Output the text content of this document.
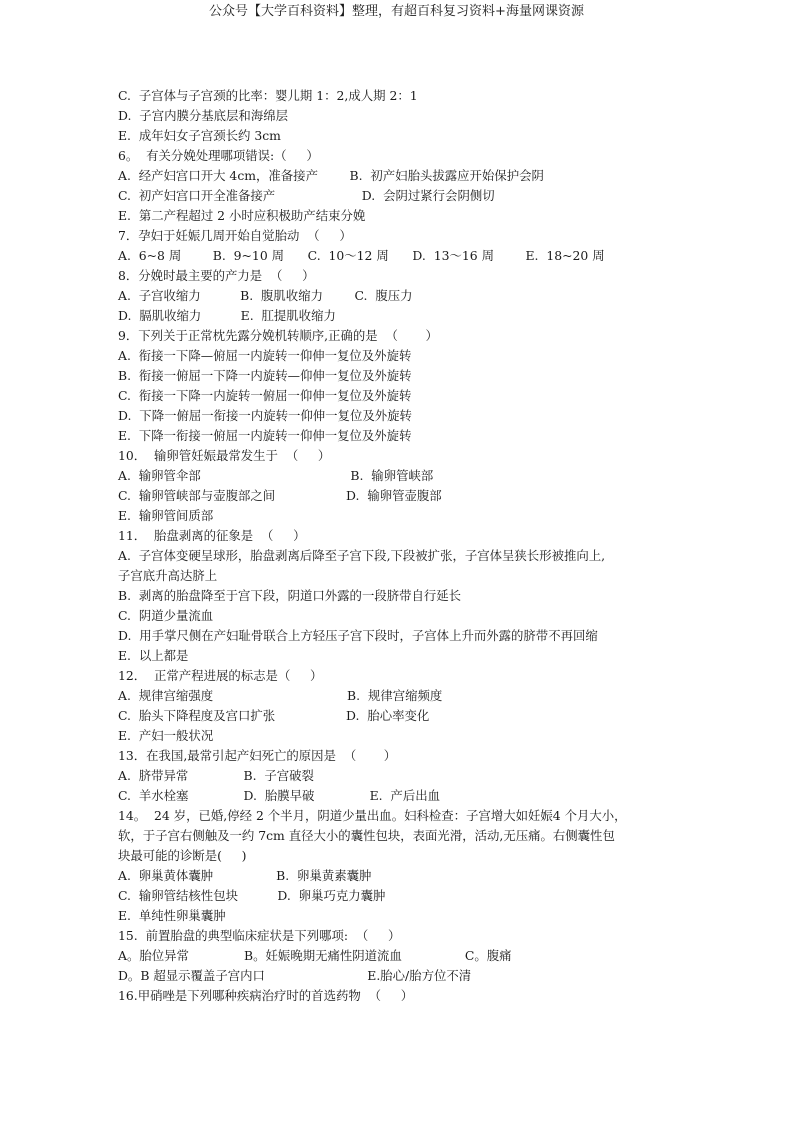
公众号【大学百科资料】整理，有超百科复习资料+海量网课资源
C.  子宫体与子宫颈的比率：婴儿期 1：2,成人期 2：1
D.  子宫内膜分基底层和海绵层
E.  成年妇女子宫颈长约 3cm
6。  有关分娩处理哪项错误:（     ）
A.  经产妇宫口开大 4cm，准备接产        B.  初产妇胎头拔露应开始保护会阴
C.  初产妇宫口开全准备接产                      D.  会阴过紧行会阴侧切
E.  第二产程超过 2 小时应积极助产结束分娩
7．孕妇于妊娠几周开始自觉胎动  （     ）
A.  6~8 周        B.  9~10 周      C.  10～12 周      D.  13～16 周        E.  18~20 周
8．分娩时最主要的产力是  （     ）
A.  子宫收缩力          B.  腹肌收缩力        C.  腹压力
D.  膈肌收缩力          E.  肛提肌收缩力
9．下列关于正常枕先露分娩机转顺序,正确的是  （       ）
A.  衔接一下降—俯屈一内旋转一仰伸一复位及外旋转
B.  衔接一俯屈一下降一内旋转—仰伸一复位及外旋转
C.  衔接一下降一内旋转一俯屈一仰伸一复位及外旋转
D.  下降一俯屈一衔接一内旋转一仰伸一复位及外旋转
E.  下降一衔接一俯屈一内旋转一仰伸一复位及外旋转
10．  输卵管妊娠最常发生于  （     ）
A.  输卵管伞部                                      B.  输卵管峡部
C.  输卵管峡部与壶腹部之间                  D.  输卵管壶腹部
E.  输卵管间质部
11．  胎盘剥离的征象是  （     ）
A.  子宫体变硬呈球形，胎盘剥离后降至子宫下段,下段被扩张，子宫体呈狭长形被推向上,
子宫底升高达脐上
B.  剥离的胎盘降至于宫下段，阴道口外露的一段脐带自行延长
C.  阴道少量流血
D.  用手掌尺侧在产妇耻骨联合上方轻压子宫下段时，子宫体上升而外露的脐带不再回缩
E.  以上都是
12．  正常产程进展的标志是（     ）
A.  规律宫缩强度                                  B.  规律宫缩频度
C.  胎头下降程度及宫口扩张                  D.  胎心率变化
E.  产妇一般状况
13．在我国,最常引起产妇死亡的原因是  （       ）
A.  脐带异常              B.  子宫破裂
C.  羊水栓塞              D.  胎膜早破              E.  产后出血
14。  24 岁，已婚,停经 2 个半月，阴道少量出血。妇科检查：子宫增大如妊娠4 个月大小，
软，于子宫右侧触及一约 7cm 直径大小的囊性包块，表面光滑，活动,无压痛。右侧囊性包
块最可能的诊断是(     )
A.  卵巢黄体囊肿                B.  卵巢黄素囊肿
C.  输卵管结核性包块          D.  卵巢巧克力囊肿
E.  单纯性卵巢囊肿
15.  前置胎盘的典型临床症状是下列哪项:  （     ）
A。胎位异常              B。妊娠晚期无痛性阴道流血                C。腹痛
D。B 超显示覆盖子宫内口                          E.胎心/胎方位不清
16.甲硝唑是下列哪种疾病治疗时的首选药物  （     ）
